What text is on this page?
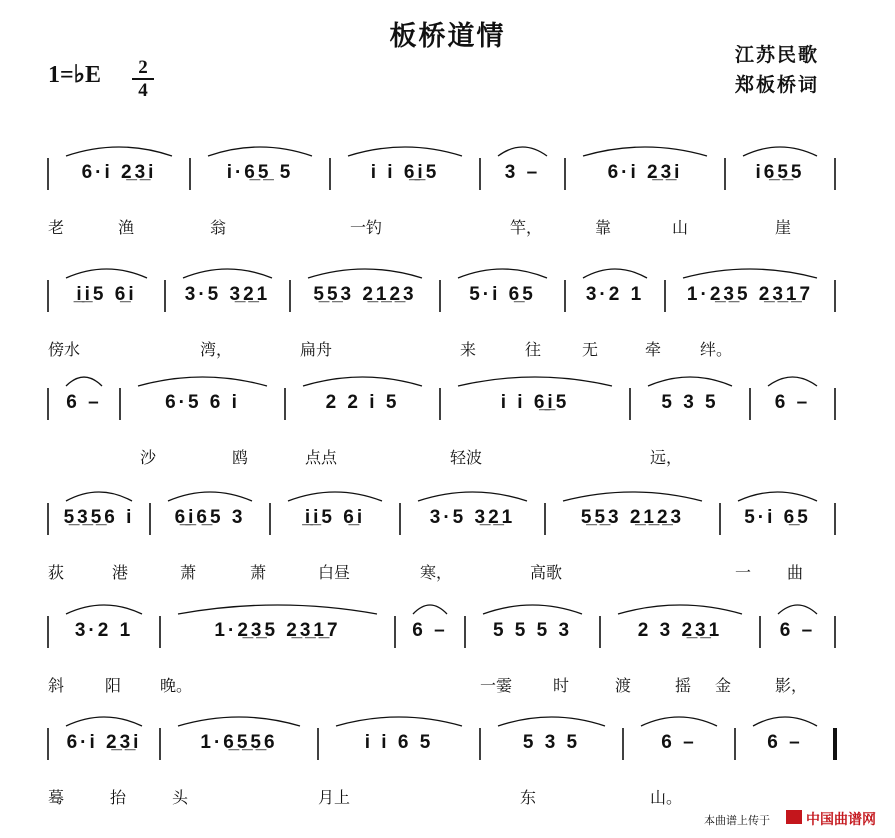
板桥道情
江苏民歌
郑板桥词
1=♭E	2
4
6·i 2̲3̲i	i·6̲5̲ 5	i i 6̲i̲5	3 –	6·i 2̲3̲i	i6̲5̲5
老	渔	翁	一钓	竿，	靠	山	崖
i̲i̲5 6̲i	3·5 3̲2̲1	5̲5̲3 2̲1̲2̲3	5·i 6̲5	3·2 1	1·2̲3̲5 2̲3̲1̲7
傍水	湾，	扁舟	来	往	无	牵 绊。
6 –	6·5 6 i	2 2 i 5	i i 6̲i̲5	5 3 5	6 –
沙	鸥	点点	轻波	远，
5̲3̲5̲6 i	6̲i̲6̲5 3	i̲i̲5 6̲i	3·5 3̲2̲1	5̲5̲3 2̲1̲2̲3	5·i 6̲5
荻	港	萧	萧	白昼	寒，	高歌	一 曲
3·2 1	1·2̲3̲5 2̲3̲1̲7	6 –	5 5 5 3	2 3 2̲3̲1	6 –
斜	阳 晚。	一霎	时	渡	摇 金	影，
6·i 2̲3̲i	1·6̲5̲5̲6	i i 6 5	5 3 5	6 –	6 –
蓦	抬	头	月上	东	山。
本曲谱上传于	中国曲谱网
